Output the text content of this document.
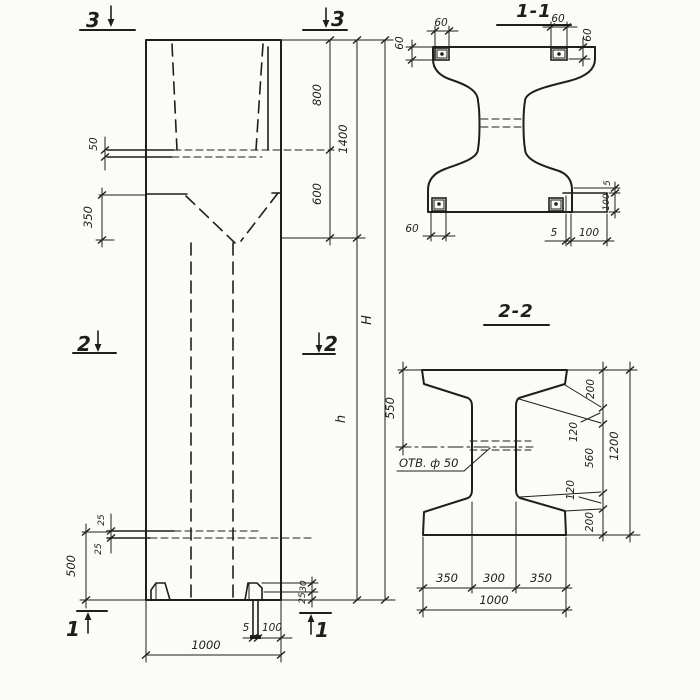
50
350
25
25
500
30
25
5 100
1000
800
600
1400
h
H
3	3
2	2
1	1
1-1
60
60
60
60
60	5 100
5
100
2-2
ОТВ. ф 50
550
200
120
560
120
200
1200
350 300 350
1000
